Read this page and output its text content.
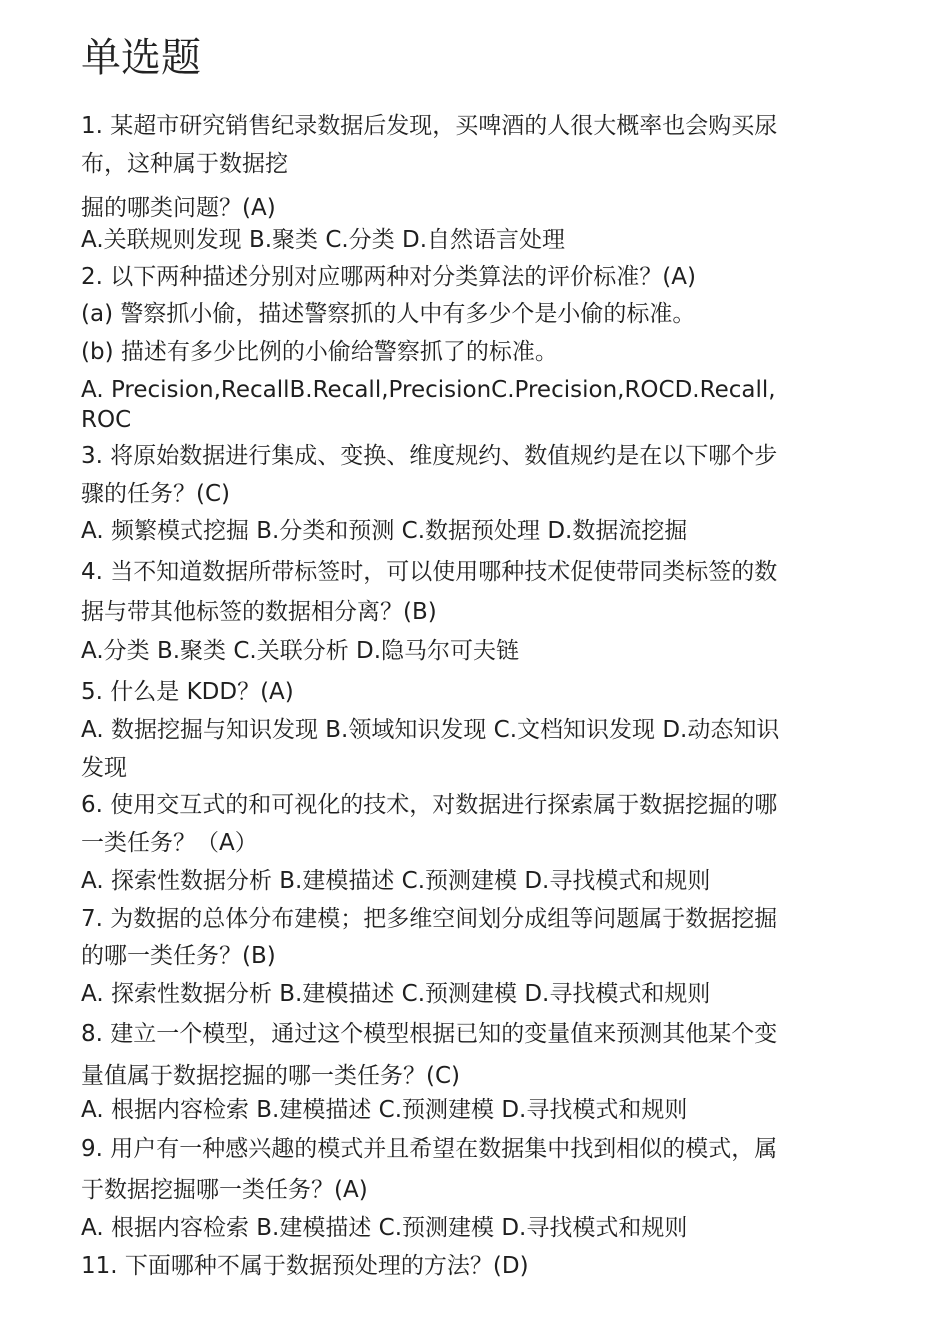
单选题
1. 某超市研究销售纪录数据后发现，买啤酒的人很大概率也会购买尿
布，这种属于数据挖
掘的哪类问题？(A)
A.关联规则发现 B.聚类 C.分类 D.自然语言处理
2. 以下两种描述分别对应哪两种对分类算法的评价标准？(A)
(a) 警察抓小偷，描述警察抓的人中有多少个是小偷的标准。
(b) 描述有多少比例的小偷给警察抓了的标准。
A. Precision,RecallB.Recall,PrecisionC.Precision,ROCD.Recall,
ROC
3. 将原始数据进行集成、变换、维度规约、数值规约是在以下哪个步
骤的任务？(C)
A. 频繁模式挖掘 B.分类和预测 C.数据预处理 D.数据流挖掘
4. 当不知道数据所带标签时，可以使用哪种技术促使带同类标签的数
据与带其他标签的数据相分离？(B)
A.分类 B.聚类 C.关联分析 D.隐马尔可夫链
5. 什么是 KDD？(A)
A. 数据挖掘与知识发现 B.领域知识发现 C.文档知识发现 D.动态知识
发现
6. 使用交互式的和可视化的技术，对数据进行探索属于数据挖掘的哪
一类任务？（A）
A. 探索性数据分析 B.建模描述 C.预测建模 D.寻找模式和规则
7. 为数据的总体分布建模；把多维空间划分成组等问题属于数据挖掘
的哪一类任务？(B)
A. 探索性数据分析 B.建模描述 C.预测建模 D.寻找模式和规则
8. 建立一个模型，通过这个模型根据已知的变量值来预测其他某个变
量值属于数据挖掘的哪一类任务？(C)
A. 根据内容检索 B.建模描述 C.预测建模 D.寻找模式和规则
9. 用户有一种感兴趣的模式并且希望在数据集中找到相似的模式，属
于数据挖掘哪一类任务？(A)
A. 根据内容检索 B.建模描述 C.预测建模 D.寻找模式和规则
11. 下面哪种不属于数据预处理的方法？(D)
